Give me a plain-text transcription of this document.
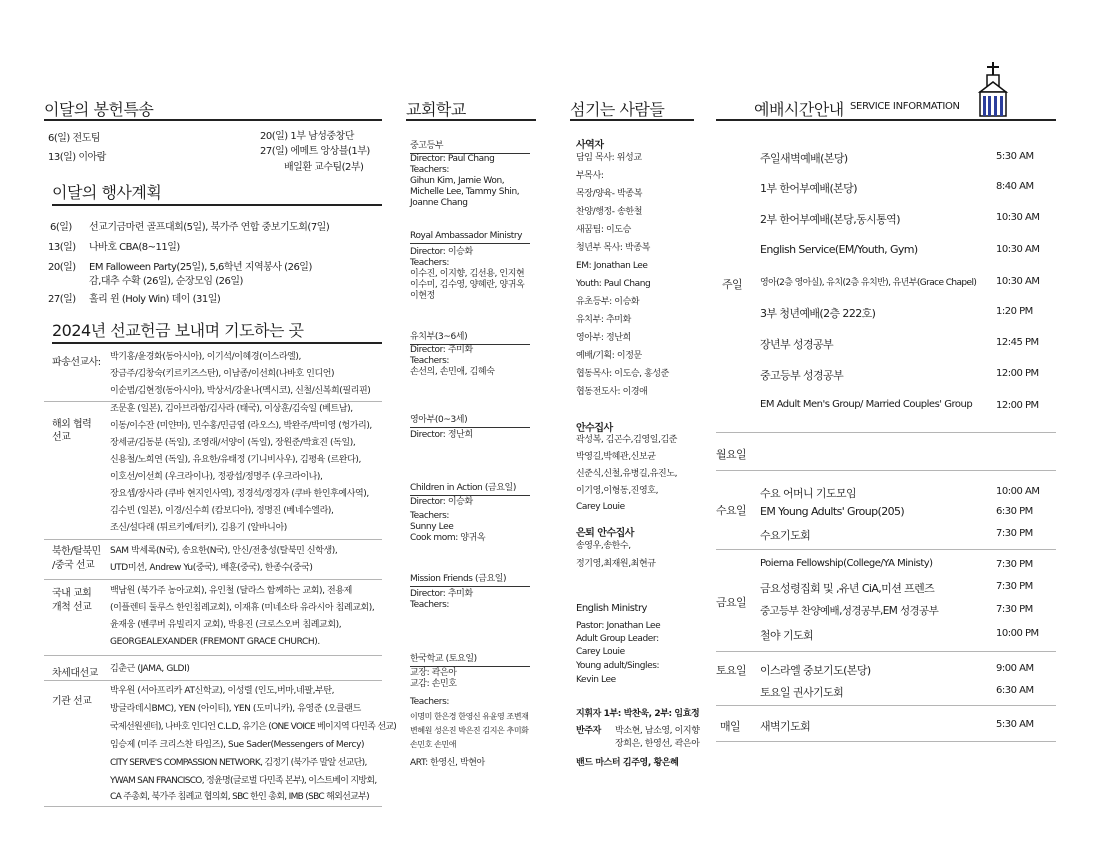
이달의 봉헌특송
6(일) 전도팀
13(일) 이아람
20(일) 1부 남성중창단
27(일) 에메트 앙상블(1부)
배일환 교수팀(2부)
이달의 행사계획
6(일) 선교기금마련 골프대회(5일), 북가주 연합 중보기도회(7일)
13(일) 나바호 CBA(8~11일)
20(일) EM Falloween Party(25일), 5,6학년 지역봉사 (26일)
감,대추 수확 (26일), 순장모임 (26일)
27(일) 홀리 윈 (Holy Win) 데이 (31일)
2024년 선교헌금 보내며 기도하는 곳
파송선교사: 박기홍/윤경화(동아시아), 이기석/이혜경(이스라엘),
장금주/김창숙(키르키즈스탄), 이남종/이선희(나바호 인디언)
이순범/김현정(동아시아), 박상서/강윤나(멕시코), 신철/신복희(필리핀)
해외 협력
선교
조문훈 (일본), 김아브라함/김사라 (태국), 이상훈/김숙일 (베트남),
이동/이수잔 (미얀마), 민수홍/민금엽 (라오스), 박완주/박미영 (헝가리),
장세균/김동분 (독일), 조영래/서양이 (독일), 장원준/박효진 (독일),
신용철/노희연 (독일), 유요한/유태정 (기니비사우), 김평육 (르완다),
이호선/이선희 (우크라이나), 정광섭/정명주 (우크라이나),
장요셉/장사라 (쿠바 현지인사역), 정경석/정경자 (쿠바 한인후예사역),
김수빈 (일본), 이경/신수희 (캄보디아), 정명진 (베네수엘라),
조신/설다래 (튀르키예/터키), 김용기 (알바니아)
북한/탈북민
/중국 선교
SAM 박세록(N국), 송요한(N국), 안신/전충성(탈북민 신학생),
UTD미션, Andrew Yu(중국), 배훈(중국), 한종수(중국)
국내 교회
개척 선교
백남원 (북가주 농아교회), 유인철 (달라스 함께하는 교회), 전용제
(이플렌티 둘루스 한인침례교회), 이재휴 (미네소타 유라시아 침례교회),
윤재웅 (벤쿠버 유빌리지 교회), 박용진 (크로스오버 침례교회),
GEORGEALEXANDER (FREMONT GRACE CHURCH).
차세대선교 김춘근 (JAMA, GLDI)
기관 선교
박우원 (서아프리카 AT신학교), 이성렬 (인도,버마,네팔,부탄,
방글라데시BMC), YEN (아이티), YEN (도미니카), 유영준 (오클랜드
국제선원센터), 나바호 인디언 C.L.D, 유기은 (ONE VOICE 베이지역 다민족 선교)
임승제 (미주 크리스찬 타임즈), Sue Sader(Messengers of Mercy)
CITY SERVE'S COMPASSION NETWORK, 김정기 (북가주 말알 선교단),
YWAM SAN FRANCISCO, 정윤명(글로벌 다민족 본부), 이스트베이 지방회,
CA 주총회, 북가주 침례교 협의회, SBC 한인 총회, IMB (SBC 해외선교부)
교회학교
중고등부
Director: Paul Chang
Teachers:
Gihun Kim, Jamie Won,
Michelle Lee, Tammy Shin,
Joanne Chang
Royal Ambassador Ministry
Director: 이승화
Teachers:
이수진, 이지향, 김선용, 인지현
이수미, 김수영, 양혜란, 양귀옥
이현정
유치부(3~6세)
Director: 추미화
Teachers:
손선의, 손민애, 김혜숙
영아부(0~3세)
Director: 정난희
Children in Action (금요일)
Director: 이승화
Teachers:
Sunny Lee
Cook mom: 양귀옥
Mission Friends (금요일)
Director: 추미화
Teachers:
한국학교 (토요일)
교장: 곽은아
교감: 손민호
Teachers:
이명미 한은경 한영신 유윤영 조변재
변혜원 성은진 박은진 김지은 추미화
손민호 손민애
ART: 한영신, 박현아
섬기는 사람들
사역자
담임 목사: 위성교
부목사:
목장/양육- 박종복
찬양/행정- 송한철
새꿈팀: 이도승
청년부 목사: 박종복
EM: Jonathan Lee
Youth: Paul Chang
유초등부: 이승화
유치부: 추미화
영아부: 정난희
예배/기획: 이정문
협동목사: 이도승, 홍성준
협동전도사: 이경애
안수집사
곽성복, 김곤수,김영일,김준
박영길,박혜관,신보균
신준식,신철,유병길,유진노,
이기영,이형동,진영호,
Carey Louie
은퇴 안수집사
송영우,송한수,
정기영,최재원,최현규
English Ministry
Pastor: Jonathan Lee
Adult Group Leader:
Carey Louie
Young adult/Singles:
Kevin Lee
지휘자 1부: 박찬욱, 2부: 임효정
반주자 박소현, 남소영, 이지향
장희은, 한영선, 곽은아
밴드 마스터 김주영, 황은혜
예배시간안내 SERVICE INFORMATION
주일
주일새벽예배(본당)	5:30 AM
1부 한어부예배(본당)	8:40 AM
2부 한어부예배(본당,동시통역)	10:30 AM
English Service(EM/Youth, Gym)	10:30 AM
영아(2층 영아실), 유치(2층 유치반), 유년부(Grace Chapel) 10:30 AM
3부 청년예배(2층 222호)	1:20 PM
장년부 성경공부	12:45 PM
중고등부 성경공부	12:00 PM
EM Adult Men's Group/ Married Couples' Group 12:00 PM
월요일
수요일
수요 어머니 기도모임	10:00 AM
EM Young Adults' Group(205)	6:30 PM
수요기도회	7:30 PM
금요일
Poiema Fellowship(College/YA Ministy)	7:30 PM
금요성령집회 및 ,유년 CiA,미션 프렌즈	7:30 PM
중고등부 찬양예배,성경공부,EM 성경공부	7:30 PM
철야 기도회	10:00 PM
토요일 이스라엘 중보기도(본당)	9:00 AM
토요일 권사기도회	6:30 AM
매일 새벽기도회	5:30 AM
